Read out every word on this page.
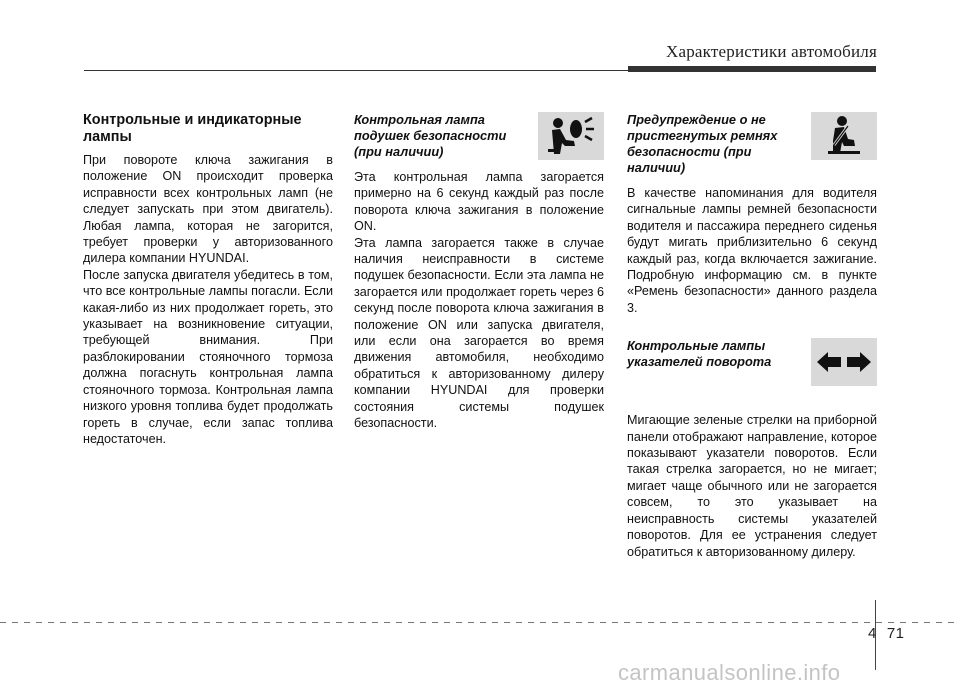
Характеристики автомобиля
Контрольные и индикаторные лампы

При повороте ключа зажигания в положение ON происходит проверка исправности всех контрольных ламп (не следует запускать при этом двигатель). Любая лампа, которая не загорится, требует проверки у авторизованного дилера компании HYUNDAI.

После запуска двигателя убедитесь в том, что все контрольные лампы погасли. Если какая-либо из них продолжает гореть, это указывает на возникновение ситуации, требующей внимания. При разблокировании стояночного тормоза должна погаснуть контрольная лампа стояночного тормоза. Контрольная лампа низкого уровня топлива будет продолжать гореть в случае, если запас топлива недостаточен.

Контрольная лампа подушек безопасности (при наличии)

Эта контрольная лампа загорается примерно на 6 секунд каждый раз после поворота ключа зажигания в положение ON.

Эта лампа загорается также в случае наличия неисправности в системе подушек безопасности. Если эта лампа не загорается или продолжает гореть через 6 секунд после поворота ключа зажигания в положение ON или запуска двигателя, или если она загорается во время движения автомобиля, необходимо обратиться к авторизованному дилеру компании HYUNDAI для проверки состояния системы подушек безопасности.

Предупреждение о не пристегнутых ремнях безопасности (при наличии)

В качестве напоминания для водителя сигнальные лампы ремней безопасности водителя и пассажира переднего сиденья будут мигать приблизительно 6 секунд каждый раз, когда включается зажигание. Подробную информацию см. в пункте «Ремень безопасности» данного раздела 3.

Контрольные лампы указателей поворота

Мигающие зеленые стрелки на приборной панели отображают направление, которое показывают указатели поворотов. Если такая стрелка загорается, но не мигает; мигает чаще обычного или не загорается совсем, то это указывает на неисправность системы указателей поворотов. Для ее устранения следует обратиться к авторизованному дилеру.

4 71
carmanualsonline.info
